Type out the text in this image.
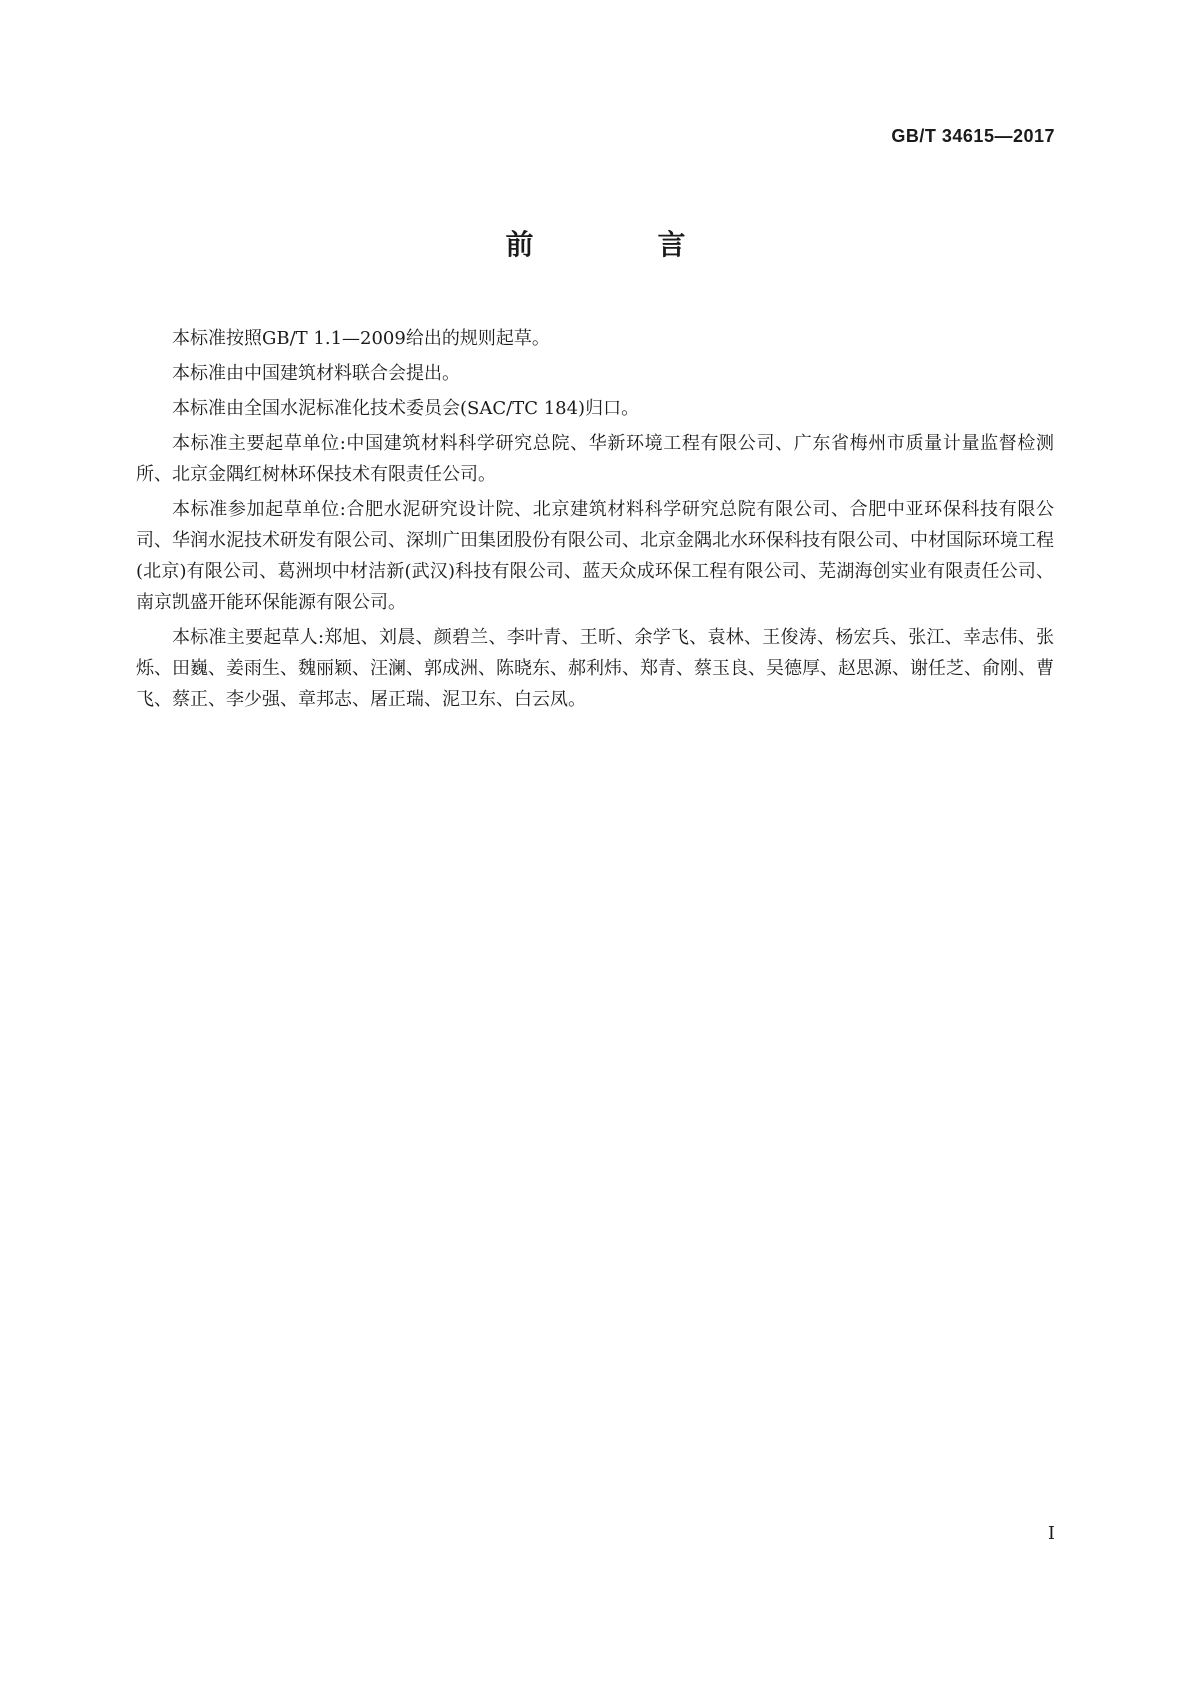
GB/T 34615—2017
前　言

本标准按照GB/T 1.1—2009给出的规则起草。

本标准由中国建筑材料联合会提出。

本标准由全国水泥标准化技术委员会(SAC/TC 184)归口。

本标准主要起草单位:中国建筑材料科学研究总院、华新环境工程有限公司、广东省梅州市质量计量监督检测所、北京金隅红树林环保技术有限责任公司。

本标准参加起草单位:合肥水泥研究设计院、北京建筑材料科学研究总院有限公司、合肥中亚环保科技有限公司、华润水泥技术研发有限公司、深圳广田集团股份有限公司、北京金隅北水环保科技有限公司、中材国际环境工程(北京)有限公司、葛洲坝中材洁新(武汉)科技有限公司、蓝天众成环保工程有限公司、芜湖海创实业有限责任公司、南京凯盛开能环保能源有限公司。

本标准主要起草人:郑旭、刘晨、颜碧兰、李叶青、王昕、余学飞、袁林、王俊涛、杨宏兵、张江、幸志伟、张烁、田巍、姜雨生、魏丽颖、汪澜、郭成洲、陈晓东、郝利炜、郑青、蔡玉良、吴德厚、赵思源、谢任芝、俞刚、曹飞、蔡正、李少强、章邦志、屠正瑞、泥卫东、白云凤。

I
